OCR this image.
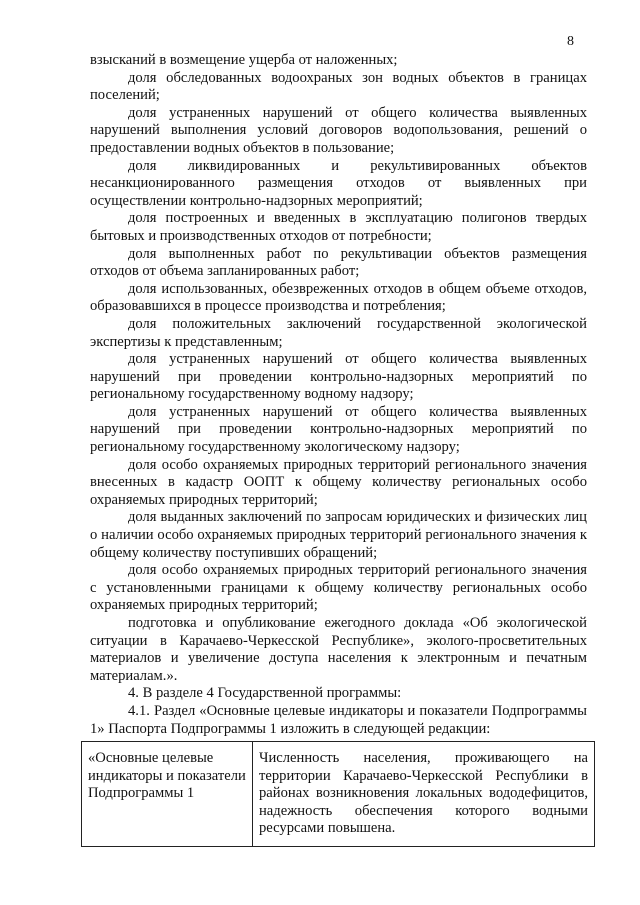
8

взысканий в возмещение ущерба от наложенных;

доля обследованных водоохраных зон водных объектов в границах поселений;

доля устраненных нарушений от общего количества выявленных нарушений выполнения условий договоров водопользования, решений о предоставлении водных объектов в пользование;

доля ликвидированных и рекультивированных объектов несанкционированного размещения отходов от выявленных при осуществлении контрольно-надзорных мероприятий;

доля построенных и введенных в эксплуатацию полигонов твердых бытовых и производственных отходов от потребности;

доля выполненных работ по рекультивации объектов размещения отходов от объема запланированных работ;

доля использованных, обезвреженных отходов в общем объеме отходов, образовавшихся в процессе производства и потребления;

доля положительных заключений государственной экологической экспертизы к представленным;

доля устраненных нарушений от общего количества выявленных нарушений при проведении контрольно-надзорных мероприятий по региональному государственному водному надзору;

доля устраненных нарушений от общего количества выявленных нарушений при проведении контрольно-надзорных мероприятий по региональному государственному экологическому надзору;

доля особо охраняемых природных территорий регионального значения внесенных в кадастр ООПТ к общему количеству региональных особо охраняемых природных территорий;

доля выданных заключений по запросам юридических и физических лиц о наличии особо охраняемых природных территорий регионального значения к общему количеству поступивших обращений;

доля особо охраняемых природных территорий регионального значения с установленными границами к общему количеству региональных особо охраняемых природных территорий;

подготовка и опубликование ежегодного доклада «Об экологической ситуации в Карачаево-Черкесской Республике», эколого-просветительных материалов и увеличение доступа населения к электронным и печатным материалам.».

4. В разделе 4 Государственной программы:

4.1. Раздел «Основные целевые индикаторы и показатели Подпрограммы 1» Паспорта Подпрограммы 1 изложить в следующей редакции:

«Основные целевые индикаторы и показатели Подпрограммы 1	Численность населения, проживающего на территории Карачаево-Черкесской Республики в районах возникновения локальных вододефицитов, надежность обеспечения которого водными ресурсами повышена.
